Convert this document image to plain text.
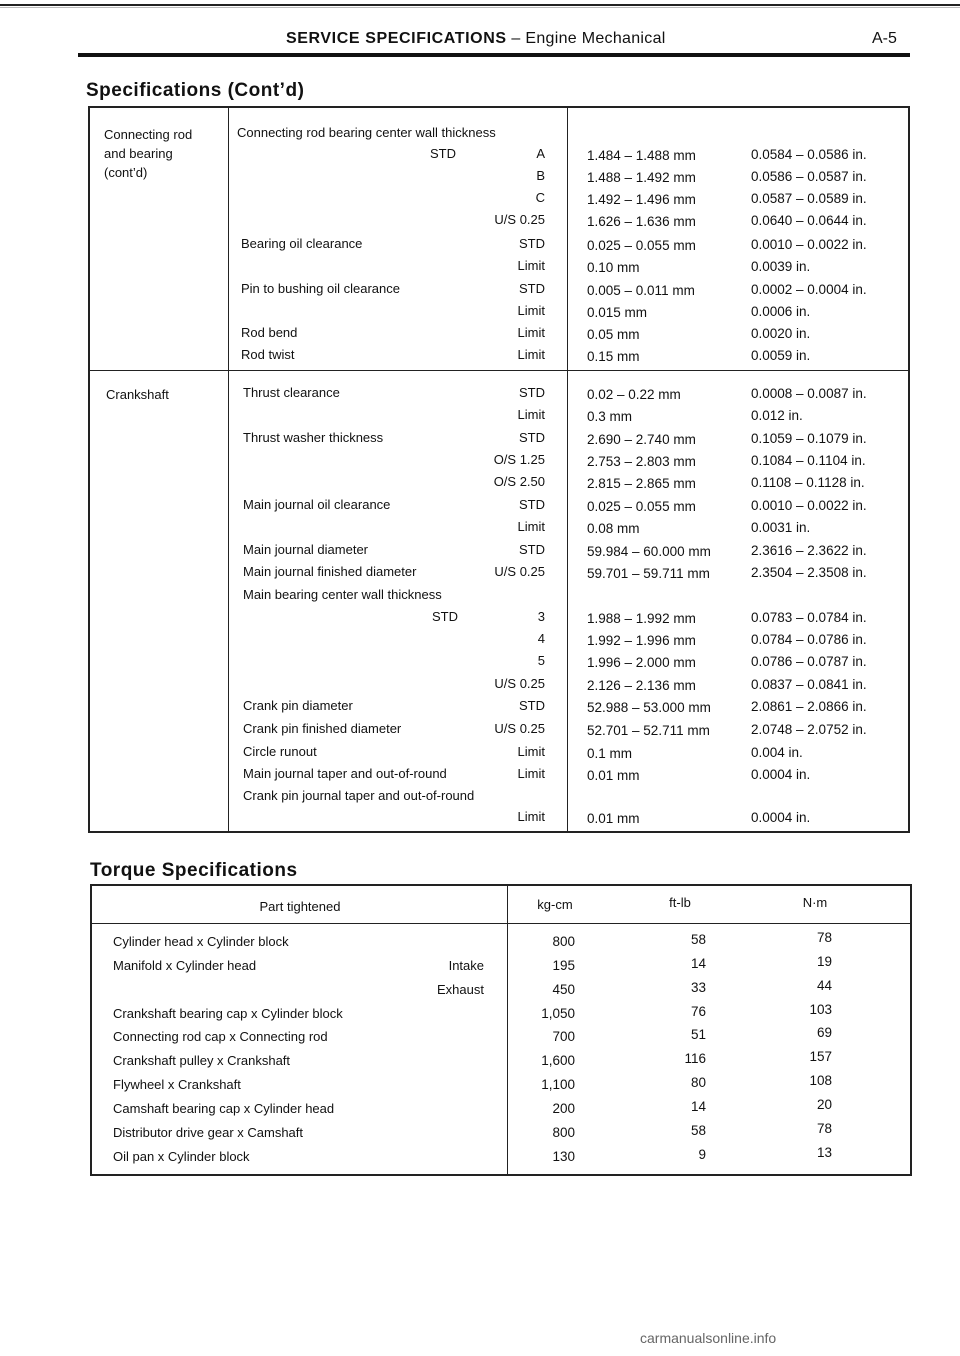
SERVICE SPECIFICATIONS – Engine Mechanical	A-5
Specifications (Cont’d)
Connecting rod
and bearing
(cont’d)
Crankshaft
Connecting rod bearing center wall thickness
STD	A	1.484 – 1.488 mm	0.0584 – 0.0586 in.
B	1.488 – 1.492 mm	0.0586 – 0.0587 in.
C	1.492 – 1.496 mm	0.0587 – 0.0589 in.
U/S 0.25	1.626 – 1.636 mm	0.0640 – 0.0644 in.
Bearing oil clearance	STD	0.025 – 0.055 mm	0.0010 – 0.0022 in.
Limit	0.10 mm	0.0039 in.
Pin to bushing oil clearance	STD	0.005 – 0.011 mm	0.0002 – 0.0004 in.
Limit	0.015 mm	0.0006 in.
Rod bend	Limit	0.05 mm	0.0020 in.
Rod twist	Limit	0.15 mm	0.0059 in.
Thrust clearance	STD	0.02 – 0.22 mm	0.0008 – 0.0087 in.
Limit	0.3 mm	0.012 in.
Thrust washer thickness	STD	2.690 – 2.740 mm	0.1059 – 0.1079 in.
O/S 1.25	2.753 – 2.803 mm	0.1084 – 0.1104 in.
O/S 2.50	2.815 – 2.865 mm	0.1108 – 0.1128 in.
Main journal oil clearance	STD	0.025 – 0.055 mm	0.0010 – 0.0022 in.
Limit	0.08 mm	0.0031 in.
Main journal diameter	STD	59.984 – 60.000 mm	2.3616 – 2.3622 in.
Main journal finished diameter	U/S 0.25	59.701 – 59.711 mm	2.3504 – 2.3508 in.
Main bearing center wall thickness
STD	3	1.988 – 1.992 mm	0.0783 – 0.0784 in.
4	1.992 – 1.996 mm	0.0784 – 0.0786 in.
5	1.996 – 2.000 mm	0.0786 – 0.0787 in.
U/S 0.25	2.126 – 2.136 mm	0.0837 – 0.0841 in.
Crank pin diameter	STD	52.988 – 53.000 mm	2.0861 – 2.0866 in.
Crank pin finished diameter	U/S 0.25	52.701 – 52.711 mm	2.0748 – 2.0752 in.
Circle runout	Limit	0.1 mm	0.004 in.
Main journal taper and out-of-round	Limit	0.01 mm	0.0004 in.
Crank pin journal taper and out-of-round
Limit	0.01 mm	0.0004 in.
Torque Specifications
Part tightened	kg-cm	ft-lb	N·m
Cylinder head x Cylinder block	800	58	78
Manifold x Cylinder head	Intake	195	14	19
Exhaust	450	33	44
Crankshaft bearing cap x Cylinder block	1,050	76	103
Connecting rod cap x Connecting rod	700	51	69
Crankshaft pulley x Crankshaft	1,600	116	157
Flywheel x Crankshaft	1,100	80	108
Camshaft bearing cap x Cylinder head	200	14	20
Distributor drive gear x Camshaft	800	58	78
Oil pan x Cylinder block	130	9	13
carmanualsonline.info
